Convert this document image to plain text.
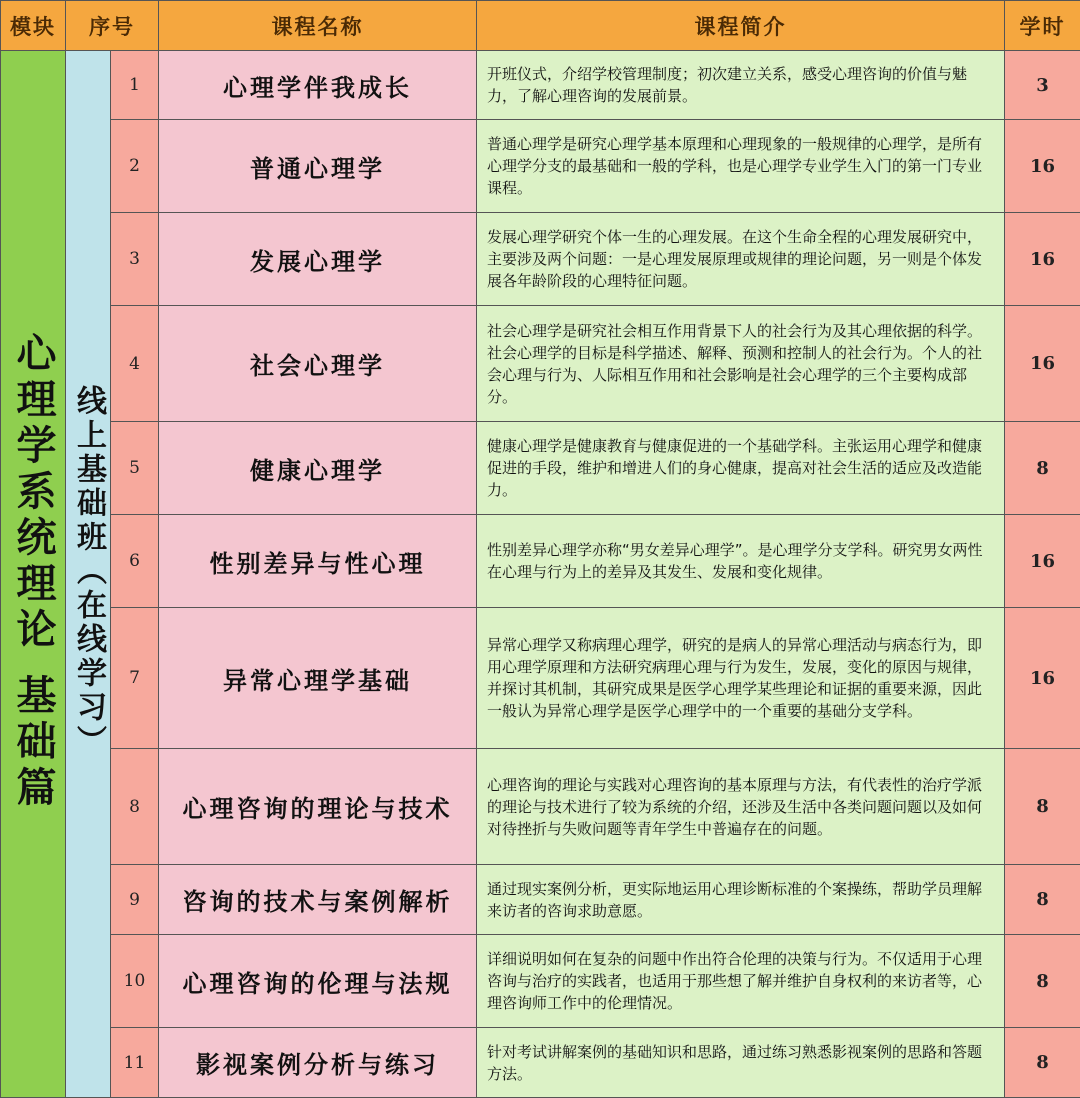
模块	序号		课程名称	课程简介	学时
心理学系统理论 基础篇	线上基础班（在线学习）	1	心理学伴我成长	开班仪式，介绍学校管理制度；初次建立关系，感受心理咨询的价值与魅力，了解心理咨询的发展前景。	3
		2	普通心理学	普通心理学是研究心理学基本原理和心理现象的一般规律的心理学，是所有心理学分支的最基础和一般的学科，也是心理学专业学生入门的第一门专业课程。	16
		3	发展心理学	发展心理学研究个体一生的心理发展。在这个生命全程的心理发展研究中，主要涉及两个问题：一是心理发展原理或规律的理论问题，另一则是个体发展各年龄阶段的心理特征问题。	16
		4	社会心理学	社会心理学是研究社会相互作用背景下人的社会行为及其心理依据的科学。社会心理学的目标是科学描述、解释、预测和控制人的社会行为。个人的社会心理与行为、人际相互作用和社会影响是社会心理学的三个主要构成部分。	16
		5	健康心理学	健康心理学是健康教育与健康促进的一个基础学科。主张运用心理学和健康促进的手段，维护和增进人们的身心健康，提高对社会生活的适应及改造能力。	8
		6	性别差异与性心理	性别差异心理学亦称“男女差异心理学”。是心理学分支学科。研究男女两性在心理与行为上的差异及其发生、发展和变化规律。	16
		7	异常心理学基础	异常心理学又称病理心理学，研究的是病人的异常心理活动与病态行为，即用心理学原理和方法研究病理心理与行为发生，发展，变化的原因与规律，并探讨其机制，其研究成果是医学心理学某些理论和证据的重要来源，因此一般认为异常心理学是医学心理学中的一个重要的基础分支学科。	16
		8	心理咨询的理论与技术	心理咨询的理论与实践对心理咨询的基本原理与方法，有代表性的治疗学派的理论与技术进行了较为系统的介绍，还涉及生活中各类问题问题以及如何对待挫折与失败问题等青年学生中普遍存在的问题。	8
		9	咨询的技术与案例解析	通过现实案例分析，更实际地运用心理诊断标准的个案操练，帮助学员理解来访者的咨询求助意愿。	8
		10	心理咨询的伦理与法规	详细说明如何在复杂的问题中作出符合伦理的决策与行为。不仅适用于心理咨询与治疗的实践者，也适用于那些想了解并维护自身权利的来访者等，心理咨询师工作中的伦理情况。	8
		11	影视案例分析与练习	针对考试讲解案例的基础知识和思路，通过练习熟悉影视案例的思路和答题方法。	8
